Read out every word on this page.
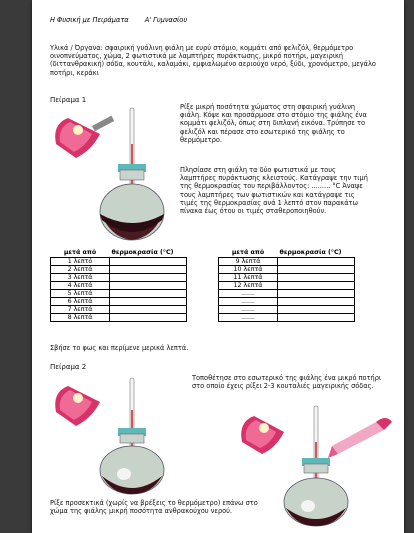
Η Φυσική με Πειράματα Α' Γυμνασίου
Υλικά / Όργανα: σφαιρική γυάλινη φιάλη με ευρύ στόμιο, κομμάτι από φελιζόλ, θερμόμετρο οινοπνεύματος, χώμα, 2 φωτιστικά με λαμπτήρες πυράκτωσης, μικρό ποτήρι, μαγειρική (διττανθρακική) σόδα, κουτάλι, καλαμάκι, εμφιαλωμένο αεριούχο νερό, ξύδι, χρονόμετρο, μεγάλο ποτήρι, κεράκι
Πείραμα 1
Ρίξε μικρή ποσότητα χώματος στη σφαιρική γυάλινη φιάλη. Κόψε και προσάρμοσε στο στόμιο της φιάλης ένα κομμάτι φελιζόλ, όπως στη διπλανή εικόνα. Τρύπησε το φελιζόλ και πέρασε στο εσωτερικό της φιάλης το θερμόμετρο.
Πλησίασε στη φιάλη τα δύο φωτιστικά με τους λαμπτήρες πυράκτωσης κλειστούς. Κατάγραψε την τιμή της θερμοκρασίας του περιβάλλοντος: ......... °C Άναψε τους λαμπτήρες των φωτιστικών και κατάγραψε τις τιμές της θερμοκρασίας ανά 1 λεπτό στον παρακάτω πίνακα έως ότου οι τιμές σταθεροποιηθούν.
μετά από	θερμοκρασία (°C)
1 λεπτό	
2 λεπτά	
3 λεπτά	
4 λεπτά	
5 λεπτά	
6 λεπτά	
7 λεπτά	
8 λεπτά	
μετά από	θερμοκρασία (°C)
9 λεπτά	
10 λεπτά	
11 λεπτά	
12 λεπτά	
.......	
.......	
.......	
.......	
Σβήσε το φως και περίμενε μερικά λεπτά.
Πείραμα 2
Τοποθέτησε στο εσωτερικό της φιάλης ένα μικρό ποτήρι στο οποίο έχεις ρίξει 2-3 κουταλιές μαγειρικής σόδας.
Ρίξε προσεκτικά (χωρίς να βρέξεις το θερμόμετρο) επάνω στο χώμα της φιάλης μικρή ποσότητα ανθρακούχου νερού.
